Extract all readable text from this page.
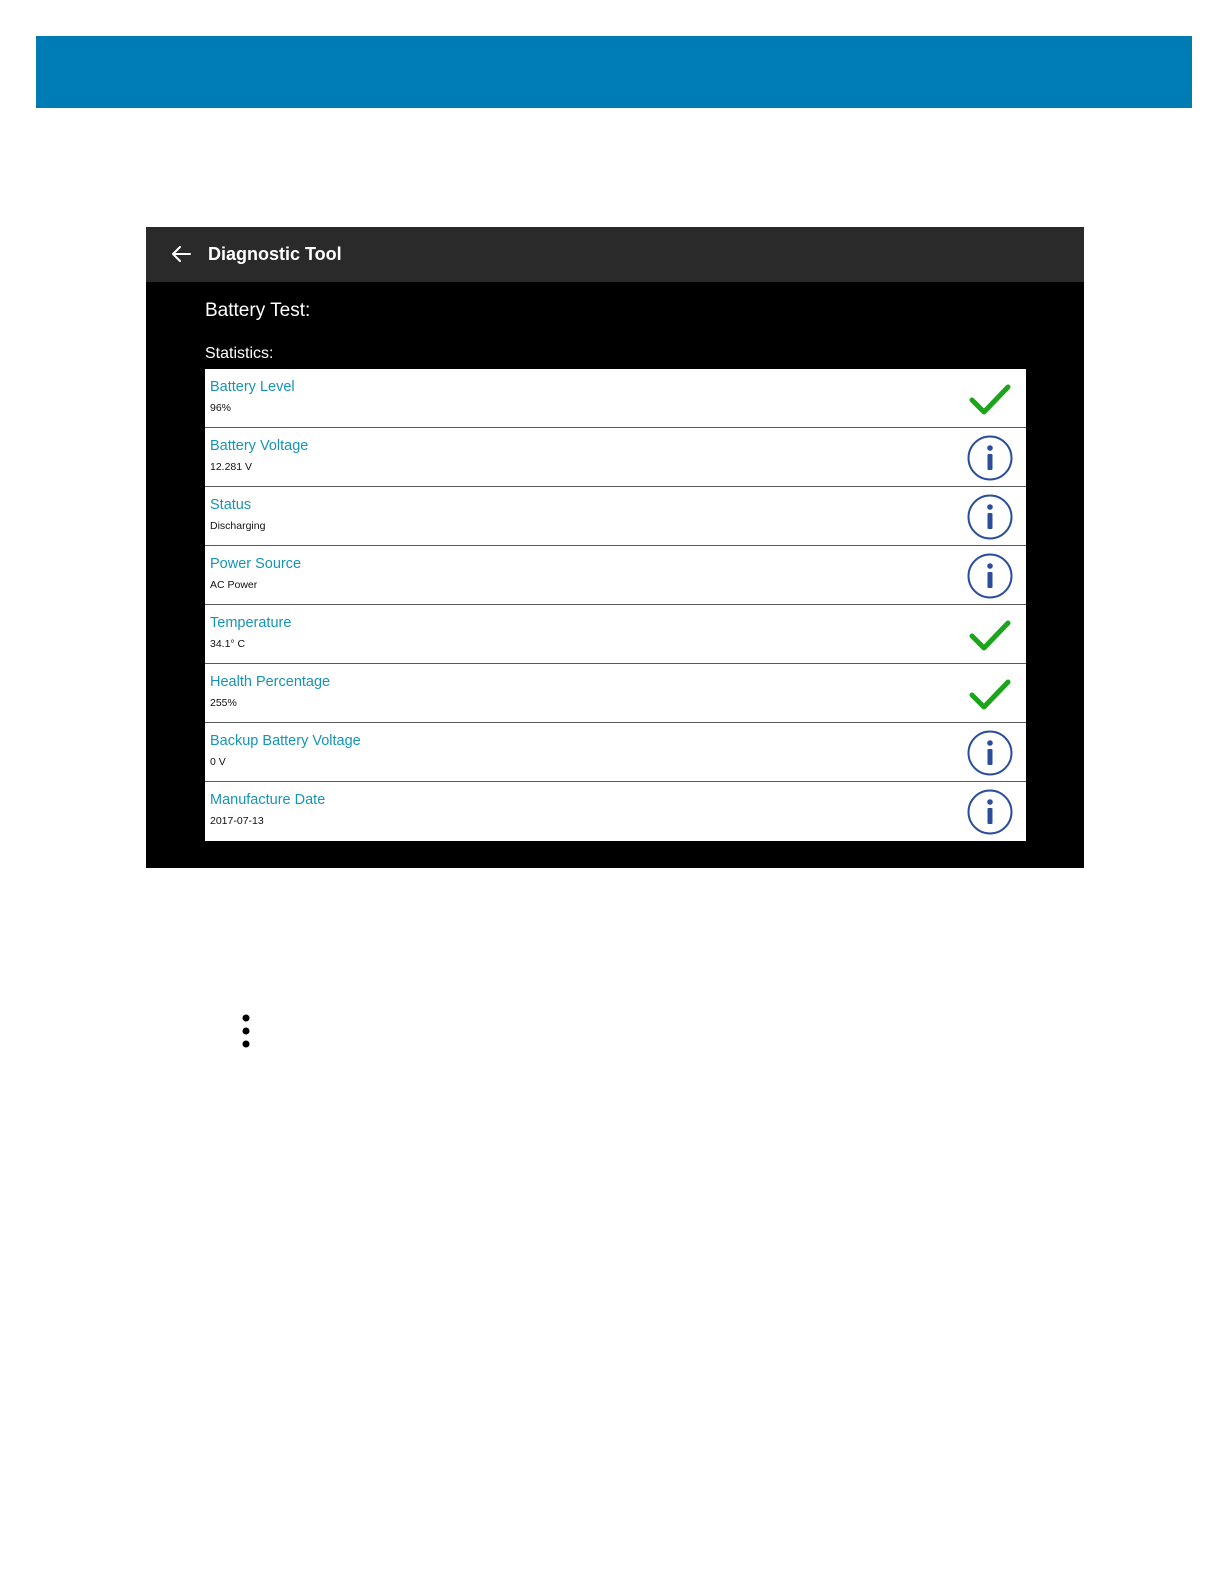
Diagnostic Tool
Battery Test:
Statistics:
Battery Level
96%
Battery Voltage
12.281 V
Status
Discharging
Power Source
AC Power
Temperature
34.1° C
Health Percentage
255%
Backup Battery Voltage
0 V
Manufacture Date
2017-07-13
